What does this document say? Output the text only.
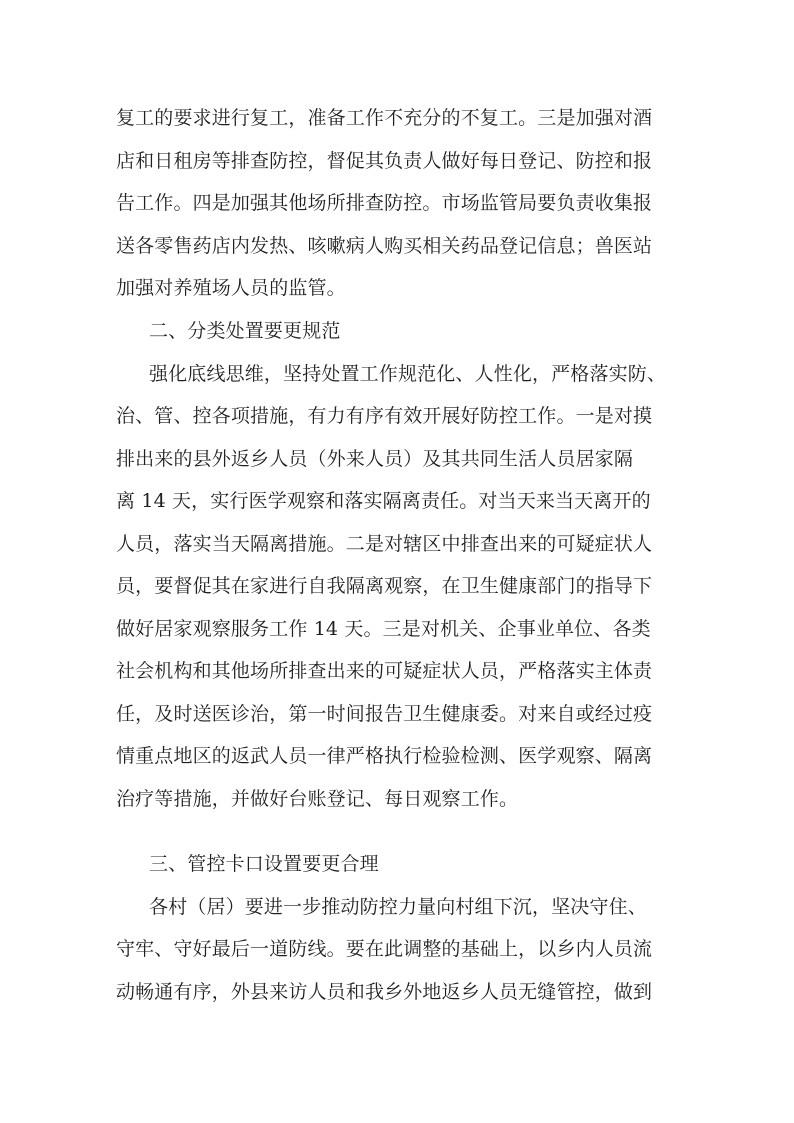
复工的要求进行复工，准备工作不充分的不复工。三是加强对酒
店和日租房等排查防控，督促其负责人做好每日登记、防控和报
告工作。四是加强其他场所排查防控。市场监管局要负责收集报
送各零售药店内发热、咳嗽病人购买相关药品登记信息；兽医站
加强对养殖场人员的监管。
二、分类处置要更规范
强化底线思维，坚持处置工作规范化、人性化，严格落实防、
治、管、控各项措施，有力有序有效开展好防控工作。一是对摸
排出来的县外返乡人员（外来人员）及其共同生活人员居家隔
离 14 天，实行医学观察和落实隔离责任。对当天来当天离开的
人员，落实当天隔离措施。二是对辖区中排查出来的可疑症状人
员，要督促其在家进行自我隔离观察，在卫生健康部门的指导下
做好居家观察服务工作 14 天。三是对机关、企事业单位、各类
社会机构和其他场所排查出来的可疑症状人员，严格落实主体责
任，及时送医诊治，第一时间报告卫生健康委。对来自或经过疫
情重点地区的返武人员一律严格执行检验检测、医学观察、隔离
治疗等措施，并做好台账登记、每日观察工作。
三、管控卡口设置要更合理
各村（居）要进一步推动防控力量向村组下沉，坚决守住、
守牢、守好最后一道防线。要在此调整的基础上，以乡内人员流
动畅通有序，外县来访人员和我乡外地返乡人员无缝管控，做到
